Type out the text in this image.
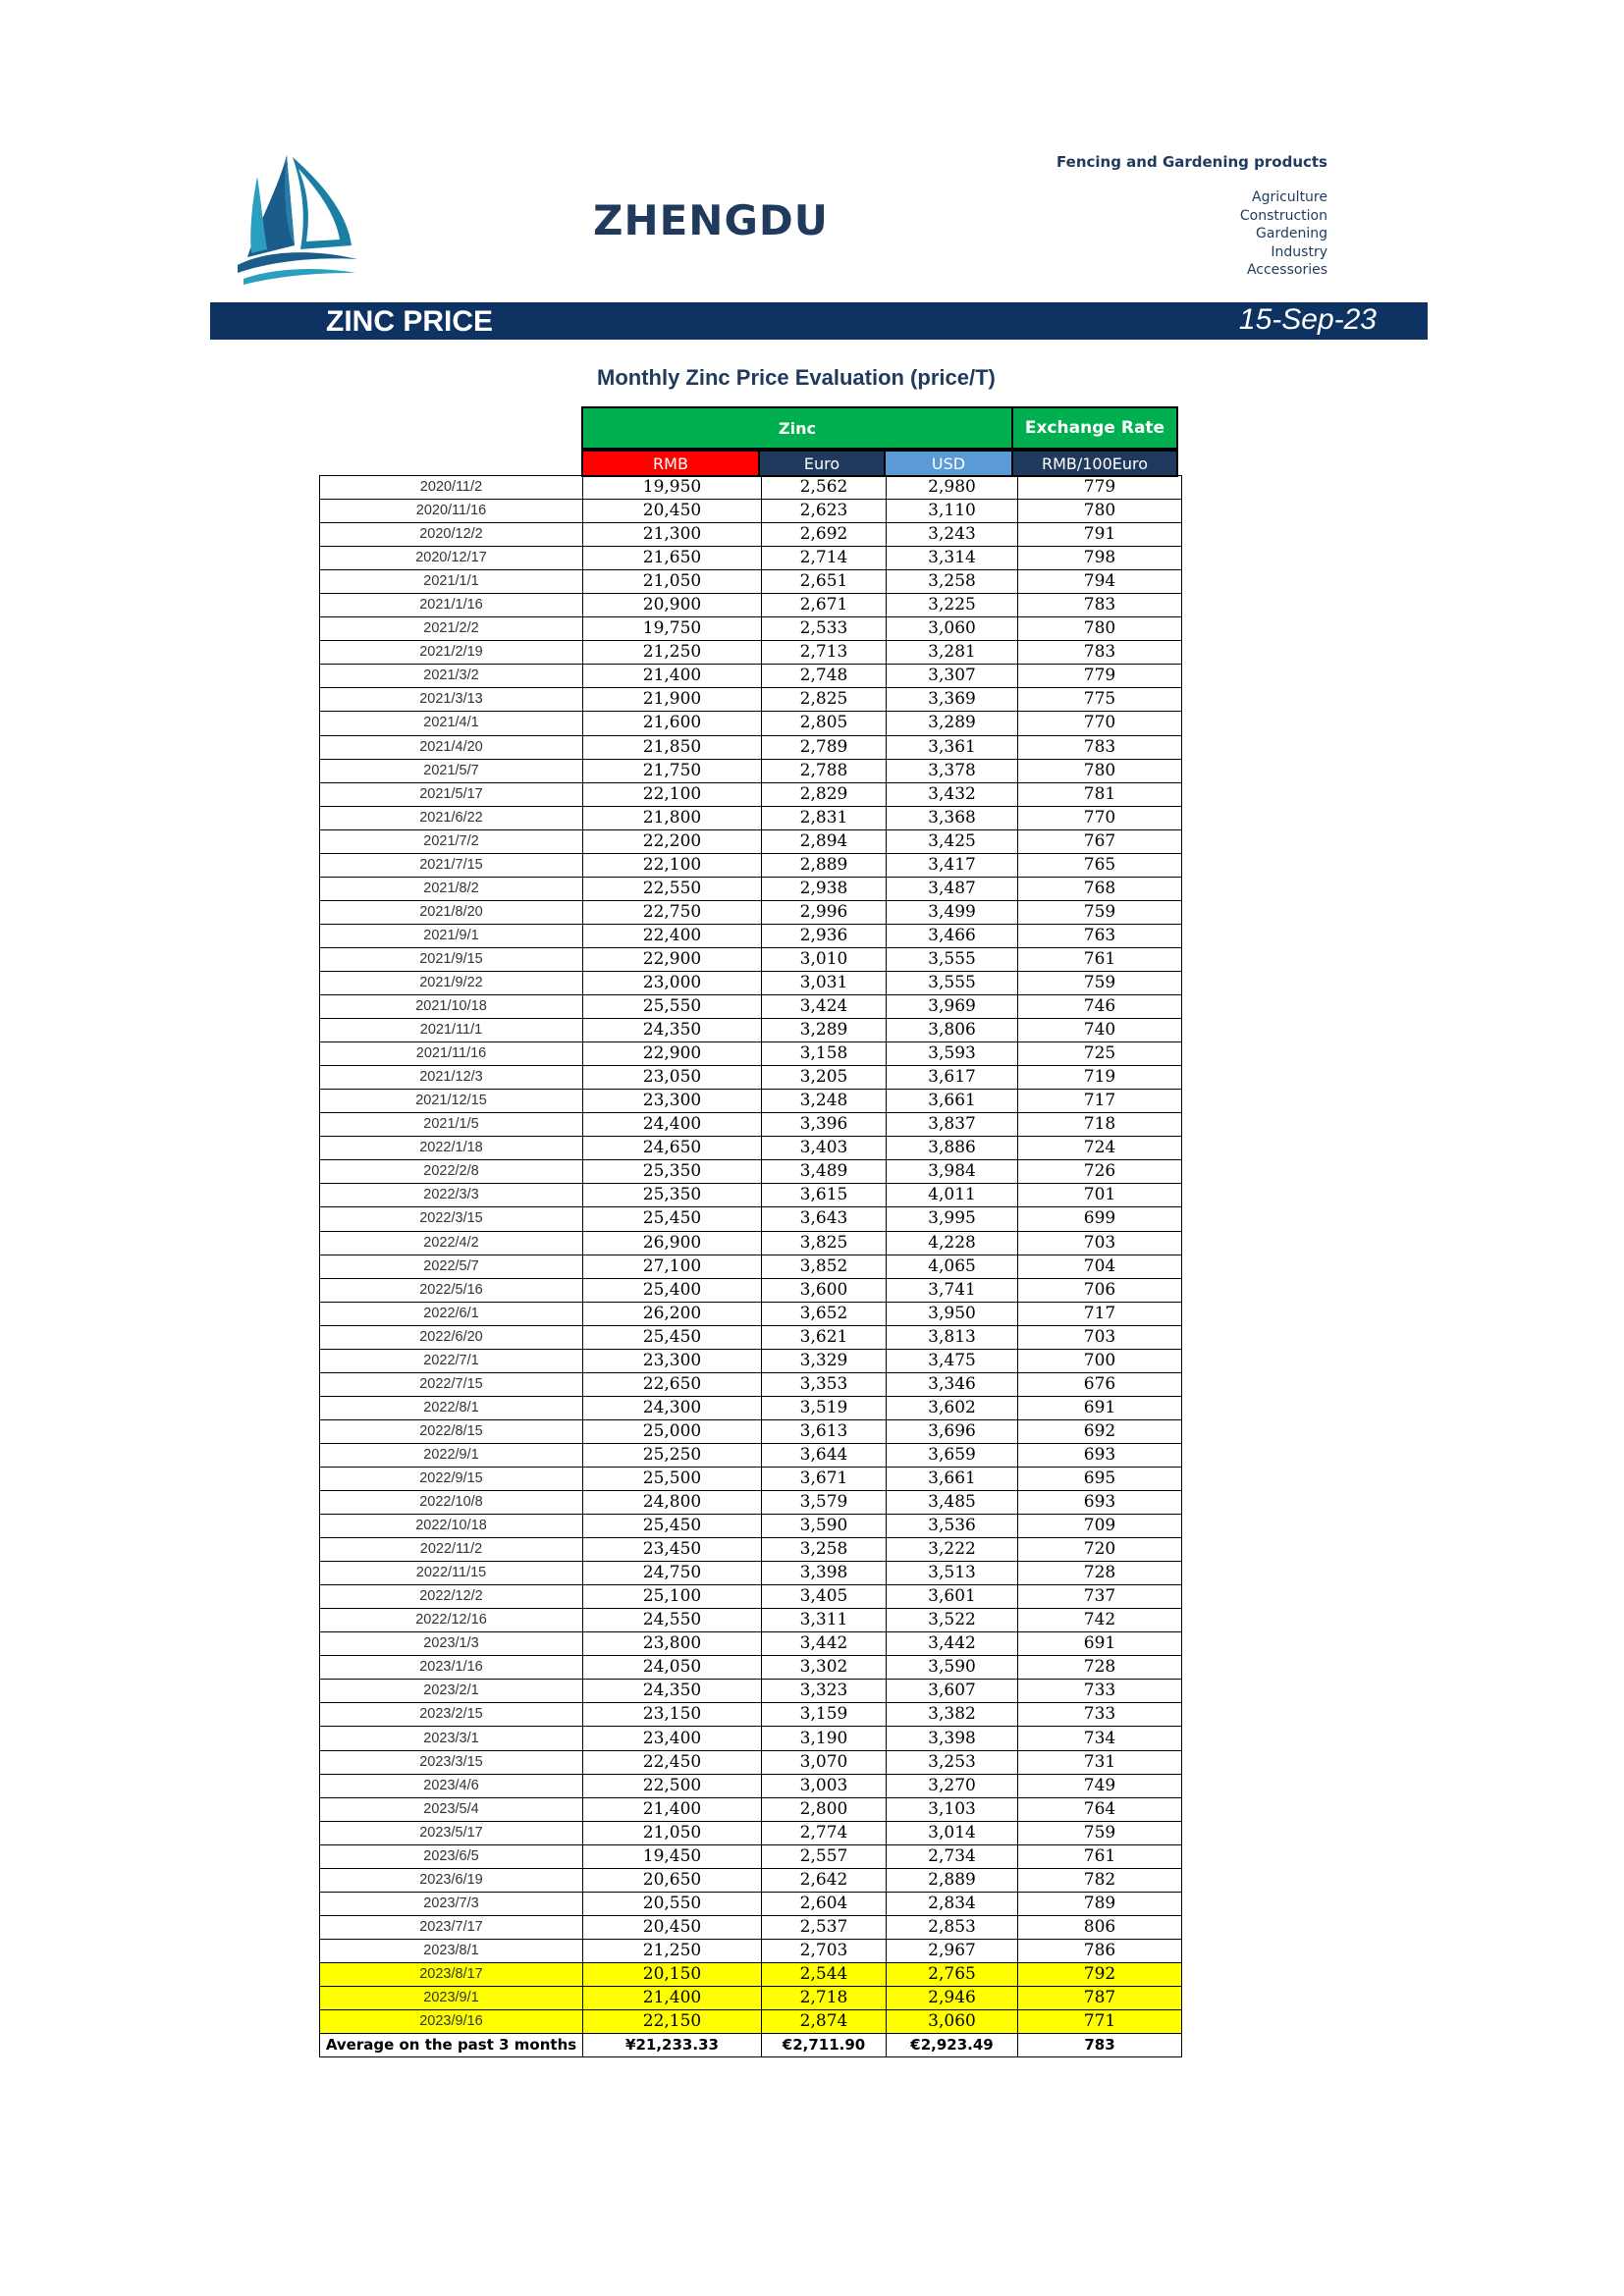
ZHENGDU
Fencing and Gardening products
Agriculture
Construction
Gardening
Industry
Accessories
ZINC PRICE	15-Sep-23
Monthly Zinc Price Evaluation (price/T)
Zinc	Exchange Rate
RMB	Euro	USD	RMB/100Euro
2020/11/2	19,950	2,562	2,980	779
2020/11/16	20,450	2,623	3,110	780
2020/12/2	21,300	2,692	3,243	791
2020/12/17	21,650	2,714	3,314	798
2021/1/1	21,050	2,651	3,258	794
2021/1/16	20,900	2,671	3,225	783
2021/2/2	19,750	2,533	3,060	780
2021/2/19	21,250	2,713	3,281	783
2021/3/2	21,400	2,748	3,307	779
2021/3/13	21,900	2,825	3,369	775
2021/4/1	21,600	2,805	3,289	770
2021/4/20	21,850	2,789	3,361	783
2021/5/7	21,750	2,788	3,378	780
2021/5/17	22,100	2,829	3,432	781
2021/6/22	21,800	2,831	3,368	770
2021/7/2	22,200	2,894	3,425	767
2021/7/15	22,100	2,889	3,417	765
2021/8/2	22,550	2,938	3,487	768
2021/8/20	22,750	2,996	3,499	759
2021/9/1	22,400	2,936	3,466	763
2021/9/15	22,900	3,010	3,555	761
2021/9/22	23,000	3,031	3,555	759
2021/10/18	25,550	3,424	3,969	746
2021/11/1	24,350	3,289	3,806	740
2021/11/16	22,900	3,158	3,593	725
2021/12/3	23,050	3,205	3,617	719
2021/12/15	23,300	3,248	3,661	717
2021/1/5	24,400	3,396	3,837	718
2022/1/18	24,650	3,403	3,886	724
2022/2/8	25,350	3,489	3,984	726
2022/3/3	25,350	3,615	4,011	701
2022/3/15	25,450	3,643	3,995	699
2022/4/2	26,900	3,825	4,228	703
2022/5/7	27,100	3,852	4,065	704
2022/5/16	25,400	3,600	3,741	706
2022/6/1	26,200	3,652	3,950	717
2022/6/20	25,450	3,621	3,813	703
2022/7/1	23,300	3,329	3,475	700
2022/7/15	22,650	3,353	3,346	676
2022/8/1	24,300	3,519	3,602	691
2022/8/15	25,000	3,613	3,696	692
2022/9/1	25,250	3,644	3,659	693
2022/9/15	25,500	3,671	3,661	695
2022/10/8	24,800	3,579	3,485	693
2022/10/18	25,450	3,590	3,536	709
2022/11/2	23,450	3,258	3,222	720
2022/11/15	24,750	3,398	3,513	728
2022/12/2	25,100	3,405	3,601	737
2022/12/16	24,550	3,311	3,522	742
2023/1/3	23,800	3,442	3,442	691
2023/1/16	24,050	3,302	3,590	728
2023/2/1	24,350	3,323	3,607	733
2023/2/15	23,150	3,159	3,382	733
2023/3/1	23,400	3,190	3,398	734
2023/3/15	22,450	3,070	3,253	731
2023/4/6	22,500	3,003	3,270	749
2023/5/4	21,400	2,800	3,103	764
2023/5/17	21,050	2,774	3,014	759
2023/6/5	19,450	2,557	2,734	761
2023/6/19	20,650	2,642	2,889	782
2023/7/3	20,550	2,604	2,834	789
2023/7/17	20,450	2,537	2,853	806
2023/8/1	21,250	2,703	2,967	786
2023/8/17	20,150	2,544	2,765	792
2023/9/1	21,400	2,718	2,946	787
2023/9/16	22,150	2,874	3,060	771
Average on the past 3 months	¥21,233.33	€2,711.90	€2,923.49	783
